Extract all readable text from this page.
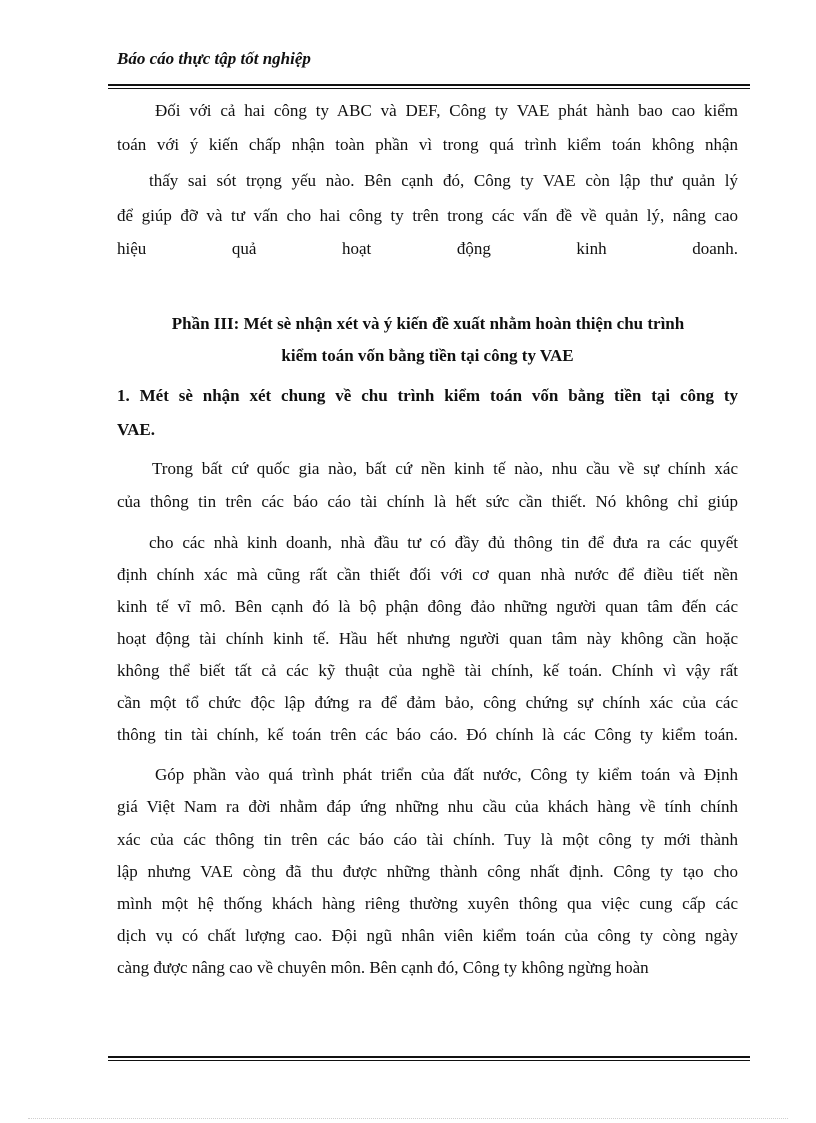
Báo cáo thực tập tốt nghiệp
Đối với cả hai công ty ABC và DEF, Công ty VAE phát hành bao cao kiểm
toán với ý kiến chấp nhận toàn phần vì trong quá trình kiểm toán không nhận
thấy sai sót trọng yếu nào. Bên cạnh đó, Công ty VAE còn lập thư quản lý
để giúp đỡ và tư vấn cho hai công ty trên trong các vấn đề về quản lý, nâng cao
hiệu quả hoạt động kinh doanh.
Phần III: Mét sè nhận xét và ý kiến đề xuất nhằm hoàn thiện chu trình
kiểm toán vốn bằng tiền tại công ty VAE
1. Mét sè nhận xét chung về chu trình kiểm toán vốn bằng tiền tại công ty
VAE.
Trong bất cứ quốc gia nào, bất cứ nền kinh tế nào, nhu cầu về sự chính xác
của thông tin trên các báo cáo tài chính là hết sức cần thiết. Nó không chỉ giúp
cho các nhà kinh doanh, nhà đầu tư có đầy đủ thông tin để đưa ra các quyết
định chính xác mà cũng rất cần thiết đối với cơ quan nhà nước để điều tiết nền
kinh tế vĩ mô. Bên cạnh đó là bộ phận đông đảo những người quan tâm đến các
hoạt động tài chính kinh tế. Hầu hết nhưng người quan tâm này không cần hoặc
không thể biết tất cả các kỹ thuật của nghề tài chính, kế toán. Chính vì vậy rất
cần một tổ chức độc lập đứng ra để đảm bảo, công chứng sự chính xác của các
thông tin tài chính, kế toán trên các báo cáo. Đó chính là các Công ty kiểm toán.
Góp phần vào quá trình phát triển của đất nước, Công ty kiểm toán và Định
giá Việt Nam ra đời nhằm đáp ứng những nhu cầu của khách hàng về tính chính
xác của các thông tin trên các báo cáo tài chính. Tuy là một công ty mới thành
lập nhưng VAE còng đã thu được những thành công nhất định. Công ty tạo cho
mình một hệ thống khách hàng riêng thường xuyên thông qua việc cung cấp các
dịch vụ có chất lượng cao. Đội ngũ nhân viên kiểm toán của công ty còng ngày
càng được nâng cao về chuyên môn. Bên cạnh đó, Công ty không ngừng hoàn
